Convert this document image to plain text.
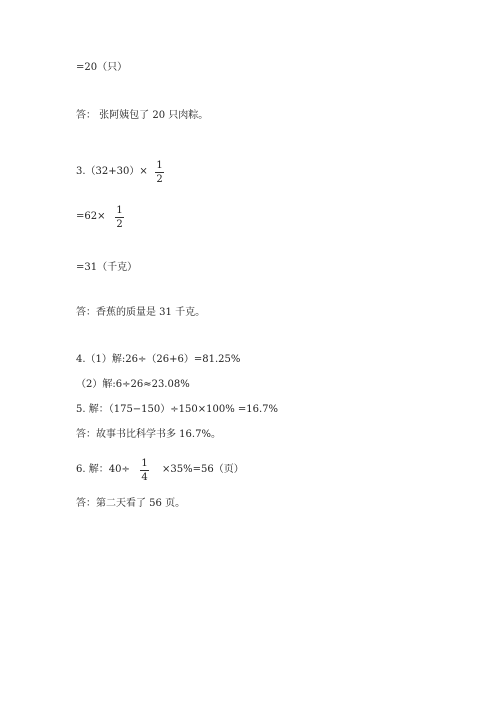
=20（只）
答： 张阿姨包了 20 只肉粽。
3.（32+30）×
1
2
=62×
1
2
=31（千克）
答：香蕉的质量是 31 千克。
4.（1）解:26÷（26+6）=81.25%
（2）解:6÷26≈23.08%
5. 解：（175−150）÷150×100% =16.7%
答：故事书比科学书多 16.7%。
6. 解：40÷
1
4
×35%=56（页）
答：第二天看了 56 页。
